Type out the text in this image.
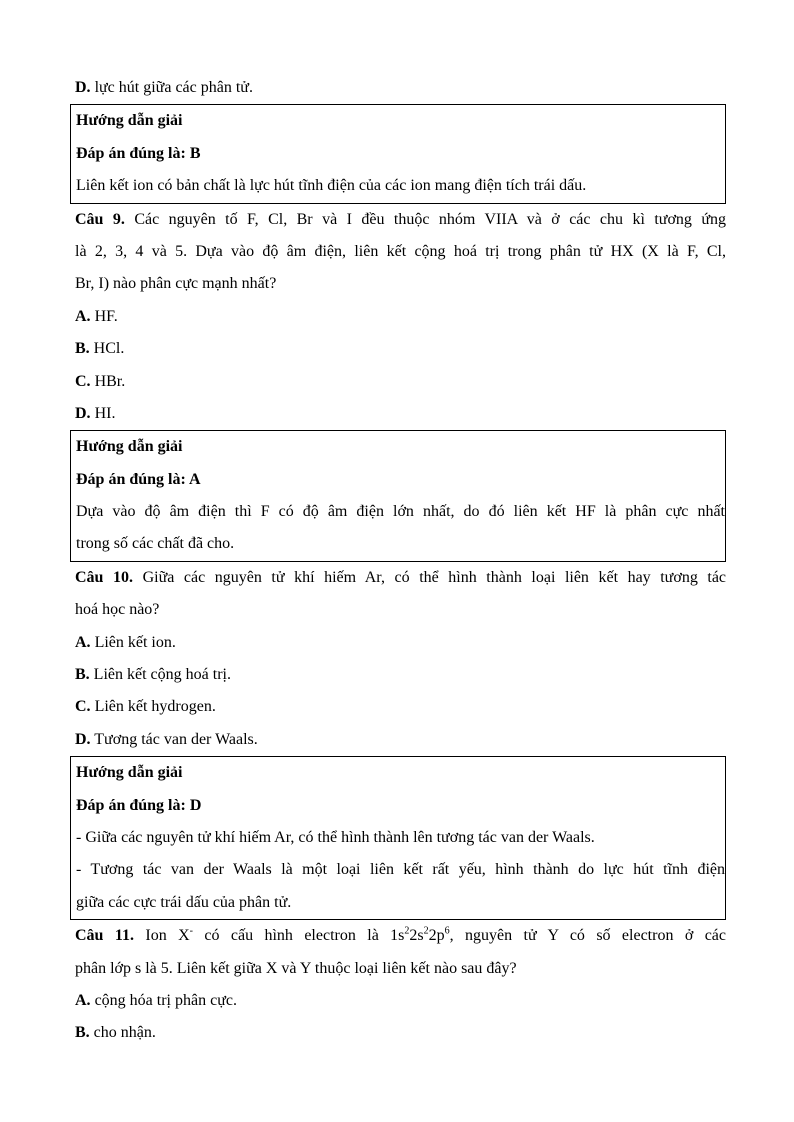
D. lực hút giữa các phân tử.
Hướng dẫn giải
Đáp án đúng là: B
Liên kết ion có bản chất là lực hút tĩnh điện của các ion mang điện tích trái dấu.
Câu 9. Các nguyên tố F, Cl, Br và I đều thuộc nhóm VIIA và ở các chu kì tương ứng
là 2, 3, 4 và 5. Dựa vào độ âm điện, liên kết cộng hoá trị trong phân tử HX (X là F, Cl,
Br, I) nào phân cực mạnh nhất?
A. HF.
B. HCl.
C. HBr.
D. HI.
Hướng dẫn giải
Đáp án đúng là: A
Dựa vào độ âm điện thì F có độ âm điện lớn nhất, do đó liên kết HF là phân cực nhất
trong số các chất đã cho.
Câu 10. Giữa các nguyên tử khí hiếm Ar, có thể hình thành loại liên kết hay tương tác
hoá học nào?
A. Liên kết ion.
B. Liên kết cộng hoá trị.
C. Liên kết hydrogen.
D. Tương tác van der Waals.
Hướng dẫn giải
Đáp án đúng là: D
- Giữa các nguyên tử khí hiếm Ar, có thể hình thành lên tương tác van der Waals.
- Tương tác van der Waals là một loại liên kết rất yếu, hình thành do lực hút tĩnh điện
giữa các cực trái dấu của phân tử.
Câu 11. Ion X- có cấu hình electron là $1s^22s^22p^6$, nguyên tử Y có số electron ở các
phân lớp s là 5. Liên kết giữa X và Y thuộc loại liên kết nào sau đây?
A. cộng hóa trị phân cực.
B. cho nhận.
